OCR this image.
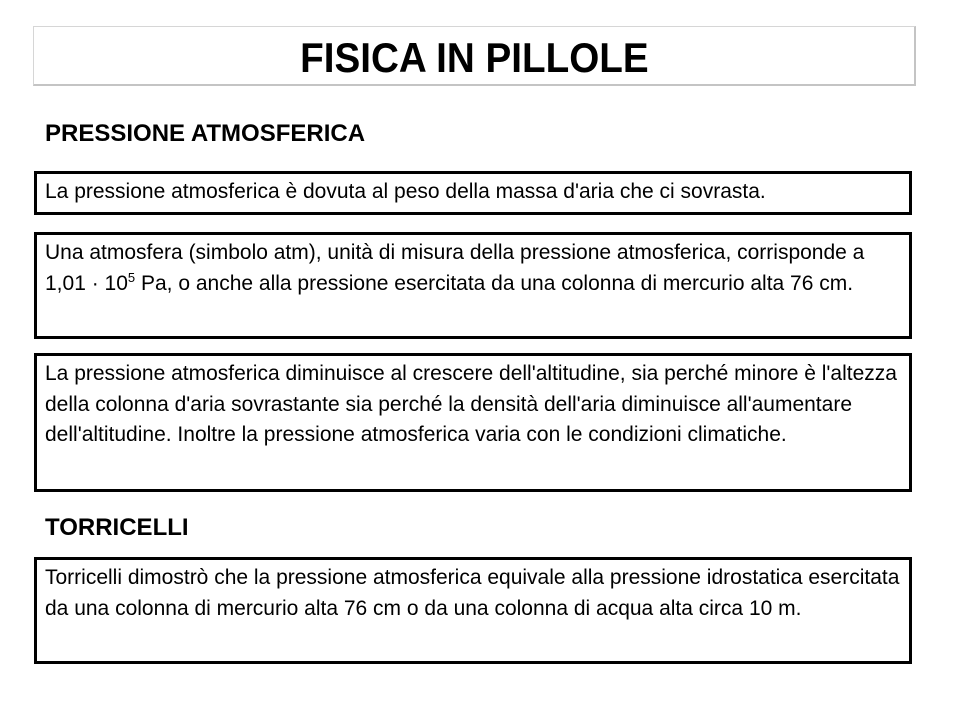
FISICA IN PILLOLE
PRESSIONE ATMOSFERICA

La pressione atmosferica è dovuta al peso della massa d'aria che ci sovrasta.

Una atmosfera (simbolo atm), unità di misura della pressione atmosferica, corrisponde a $1,01 \cdot 10^5$ Pa, o anche alla pressione esercitata da una colonna di mercurio alta 76 cm.

La pressione atmosferica diminuisce al crescere dell'altitudine, sia perché minore è l'altezza della colonna d'aria sovrastante sia perché la densità dell'aria diminuisce all'aumentare dell'altitudine. Inoltre la pressione atmosferica varia con le condizioni climatiche.

TORRICELLI

Torricelli dimostrò che la pressione atmosferica equivale alla pressione idrostatica esercitata da una colonna di mercurio alta 76 cm o da una colonna di acqua alta circa 10 m.
